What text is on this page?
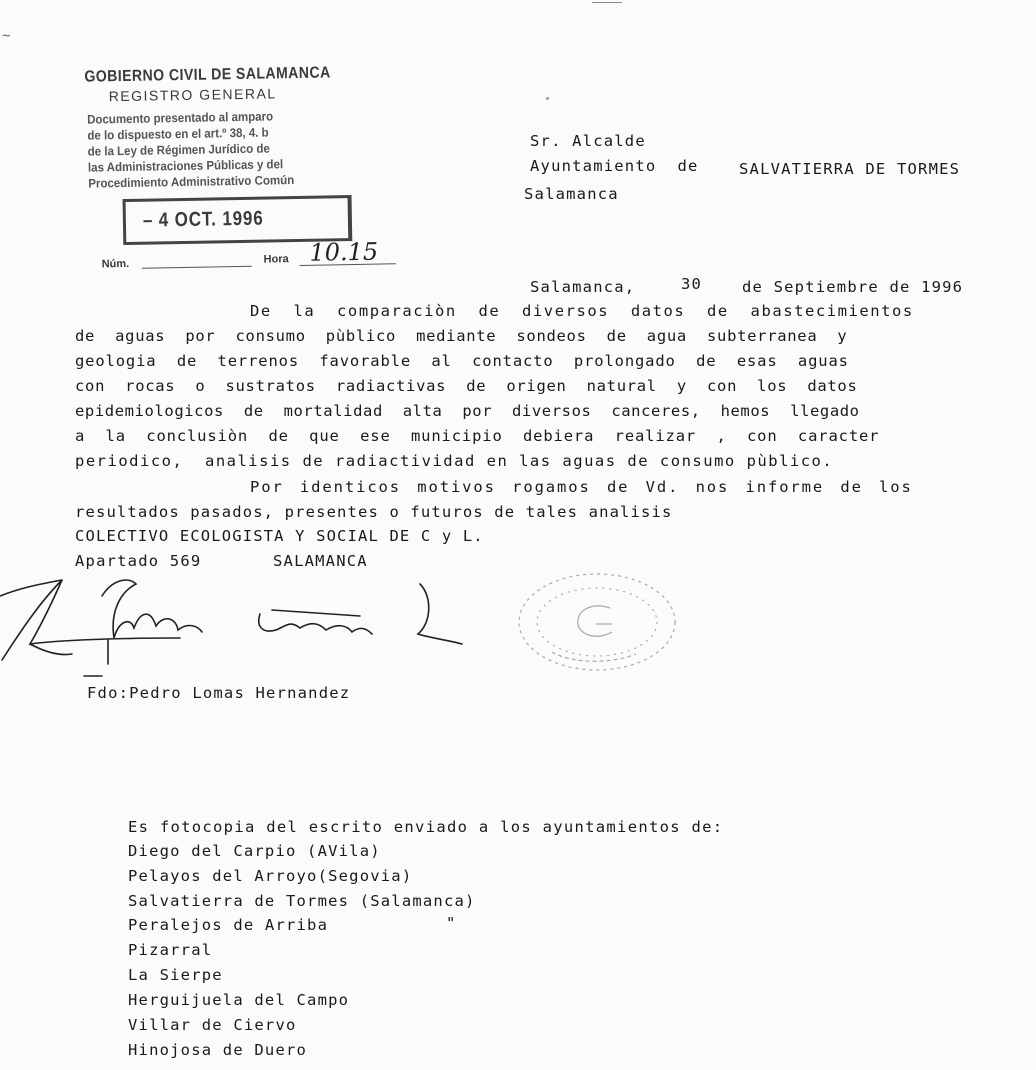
~
GOBIERNO CIVIL DE SALAMANCA
REGISTRO GENERAL
Documento presentado al amparo
de lo dispuesto en el art.º 38, 4. b
de la Ley de Régimen Jurídico de
las Administraciones Públicas y del
Procedimiento Administrativo Común
– 4 OCT. 1996
Núm.	Hora 10.15
Sr. Alcalde
Ayuntamiento  de	SALVATIERRA DE TORMES
Salamanca
Salamanca,	30	de Septiembre de 1996
De  la  comparaciòn  de  diversos  datos  de  abastecimientos
de  aguas  por  consumo  pùblico  mediante  sondeos  de  agua  subterranea  y
geologia  de  terrenos  favorable  al  contacto  prolongado  de  esas  aguas
con  rocas  o  sustratos  radiactivas  de  origen  natural  y  con  los  datos
epidemiologicos  de  mortalidad  alta  por  diversos  canceres,  hemos  llegado
a  la  conclusiòn  de  que  ese  municipio  debiera  realizar  ,  con  caracter
periodico,  analisis de radiactividad en las aguas de consumo pùblico.
Por identicos motivos rogamos de Vd. nos informe de los
resultados pasados, presentes o futuros de tales analisis
COLECTIVO ECOLOGISTA Y SOCIAL DE C y L.
Apartado 569	SALAMANCA
Fdo:Pedro Lomas Hernandez
Es fotocopia del escrito enviado a los ayuntamientos de:
Diego del Carpio (AVila)
Pelayos del Arroyo(Segovia)
Salvatierra de Tormes (Salamanca)
Peralejos de Arriba	"
Pizarral
La Sierpe
Herguijuela del Campo
Villar de Ciervo
Hinojosa de Duero
